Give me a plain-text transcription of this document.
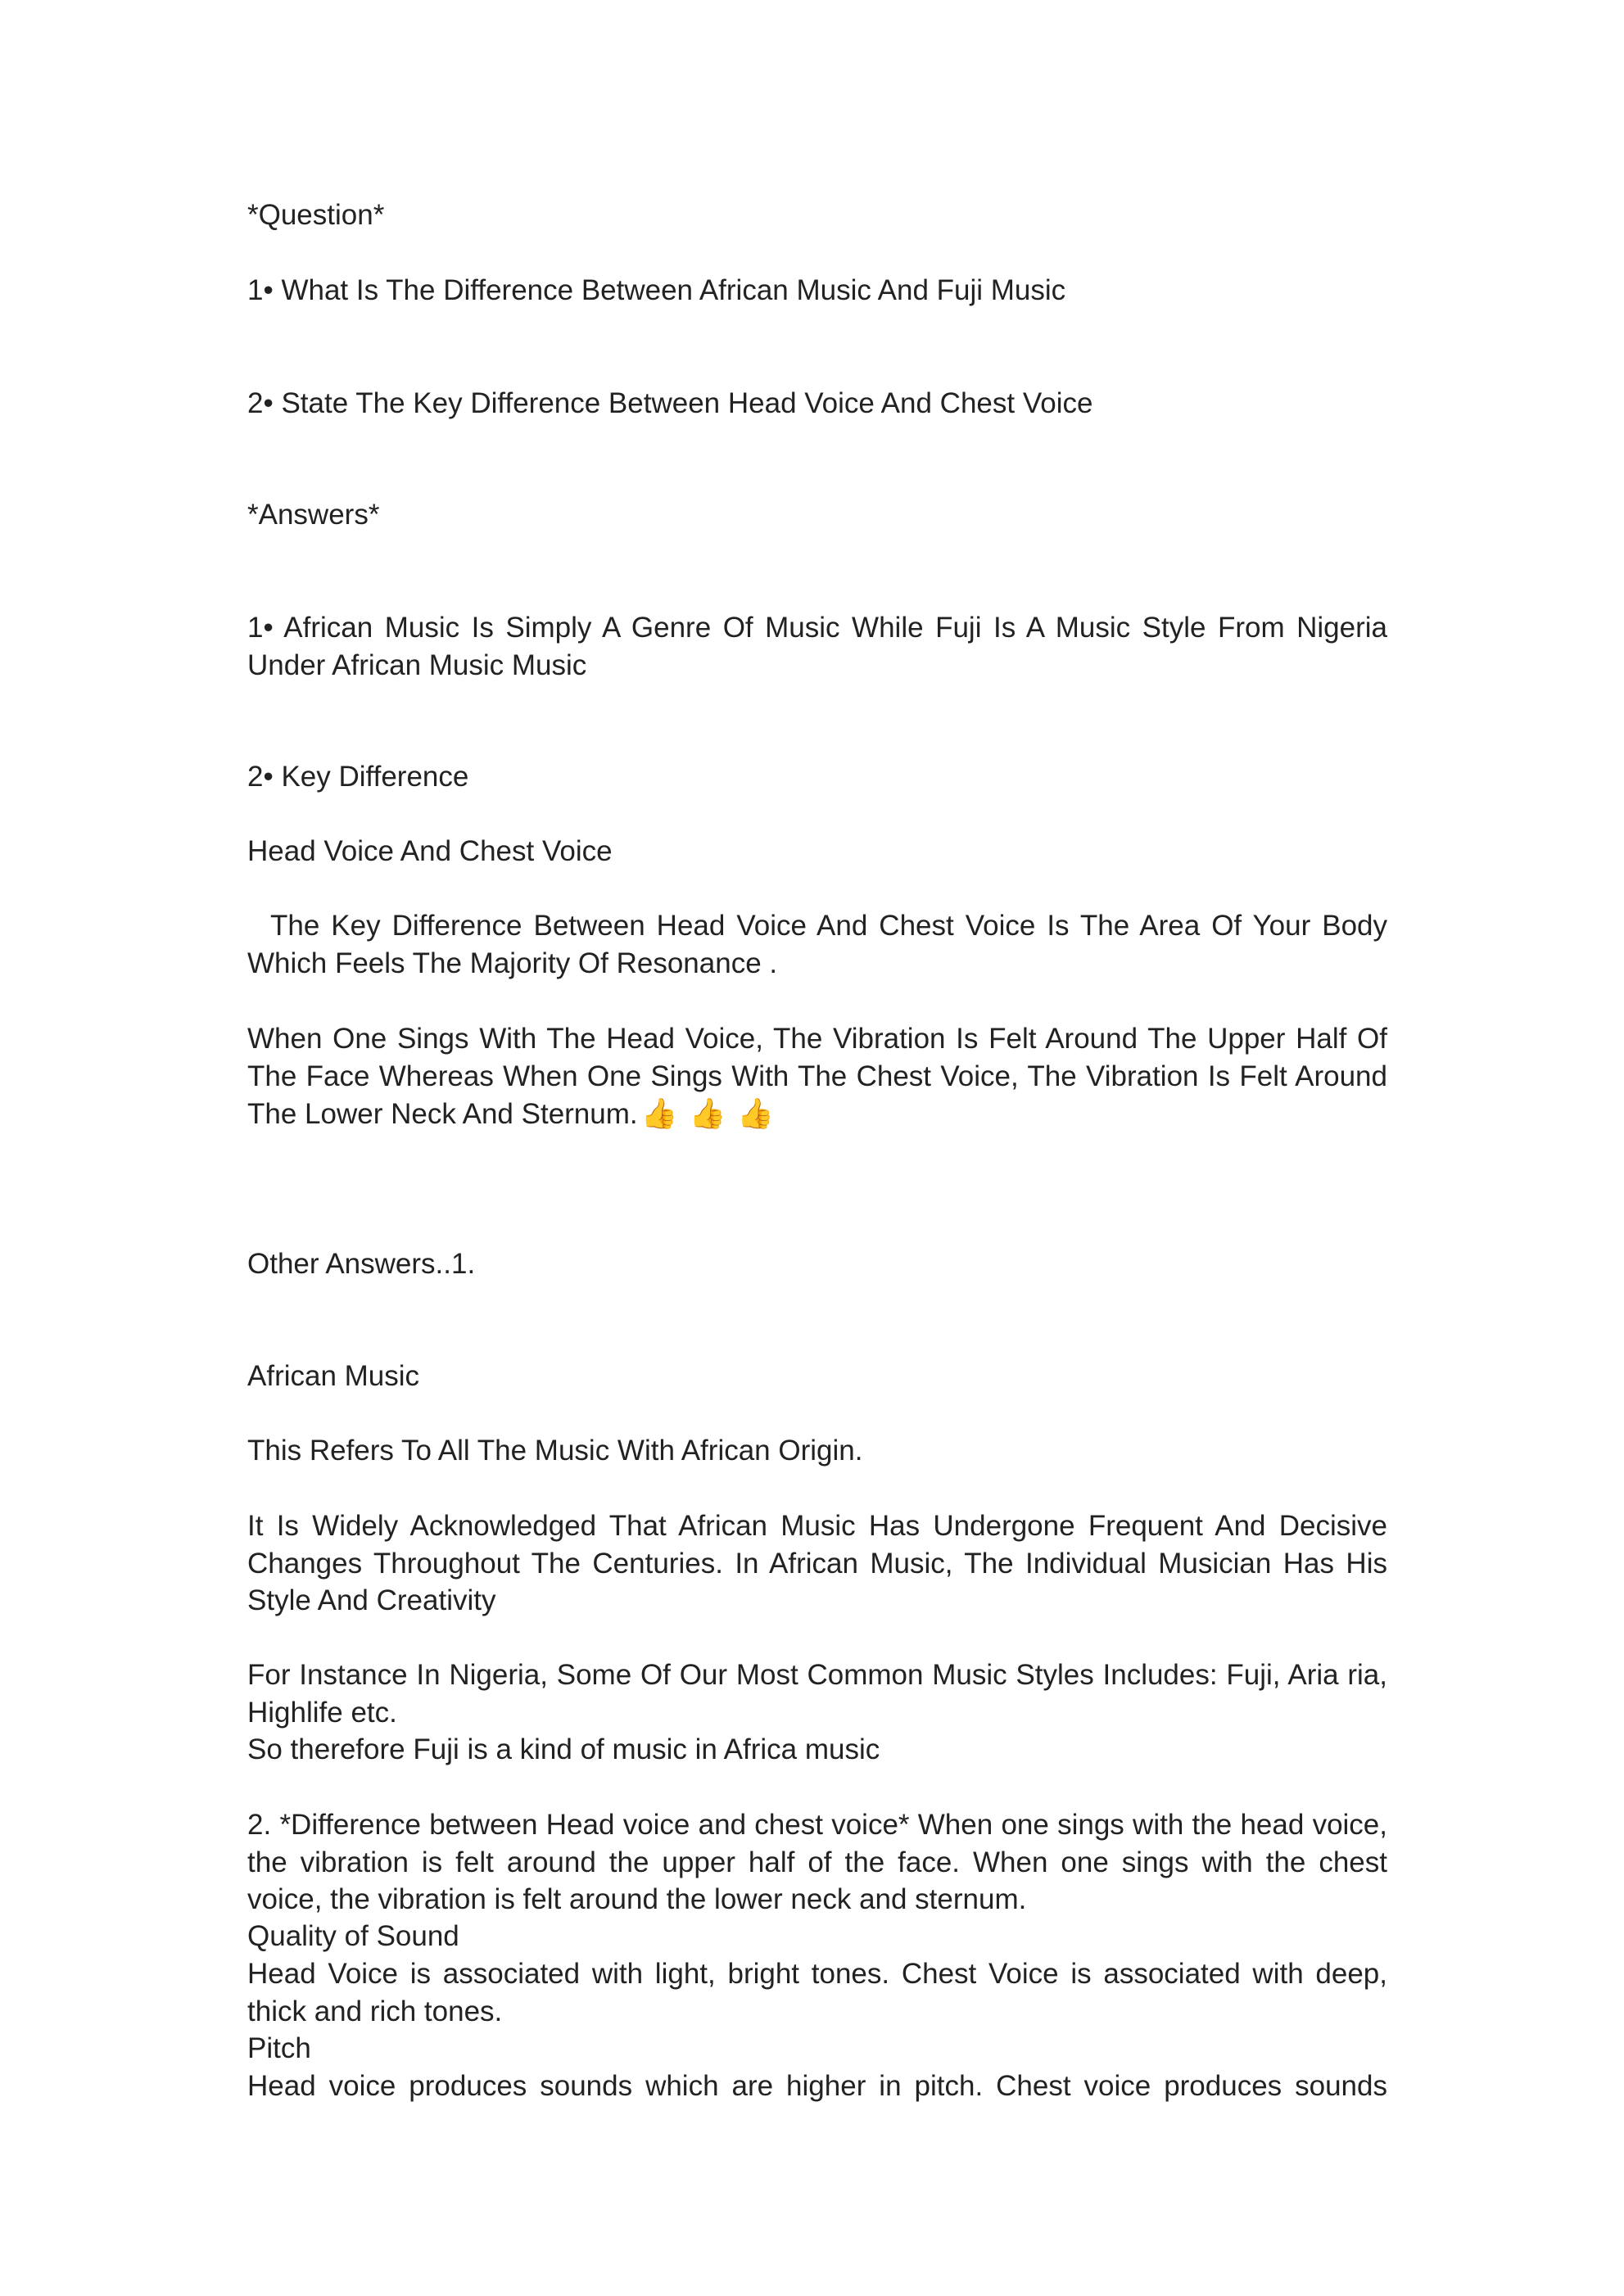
*Question*
1• What Is The Difference Between African Music And Fuji Music
2• State The Key Difference Between Head Voice And Chest Voice
*Answers*
1• African Music Is Simply A Genre Of Music While Fuji Is A Music Style From Nigeria Under African Music Music
2• Key Difference
Head Voice And Chest Voice
The Key Difference Between Head Voice And Chest Voice Is The Area Of Your Body Which Feels The Majority Of Resonance .
When One Sings With The Head Voice, The Vibration Is Felt Around The Upper Half Of The Face Whereas When One Sings With The Chest Voice, The Vibration Is Felt Around The Lower Neck And Sternum. 👍👍👍
Other Answers..1.
African Music
This Refers To All The Music With African Origin.
It Is Widely Acknowledged That African Music Has Undergone Frequent And Decisive Changes Throughout The Centuries. In African Music, The Individual Musician Has His Style And Creativity
For Instance In Nigeria, Some Of Our Most Common Music Styles Includes: Fuji, Aria ria, Highlife etc.
So therefore Fuji is a kind of music in Africa music
2. *Difference between Head voice and chest voice* When one sings with the head voice, the vibration is felt around the upper half of the face. When one sings with the chest voice, the vibration is felt around the lower neck and sternum.
Quality of Sound
Head Voice is associated with light, bright tones. Chest Voice is associated with deep, thick and rich tones.
Pitch
Head voice produces sounds which are higher in pitch. Chest voice produces sounds
